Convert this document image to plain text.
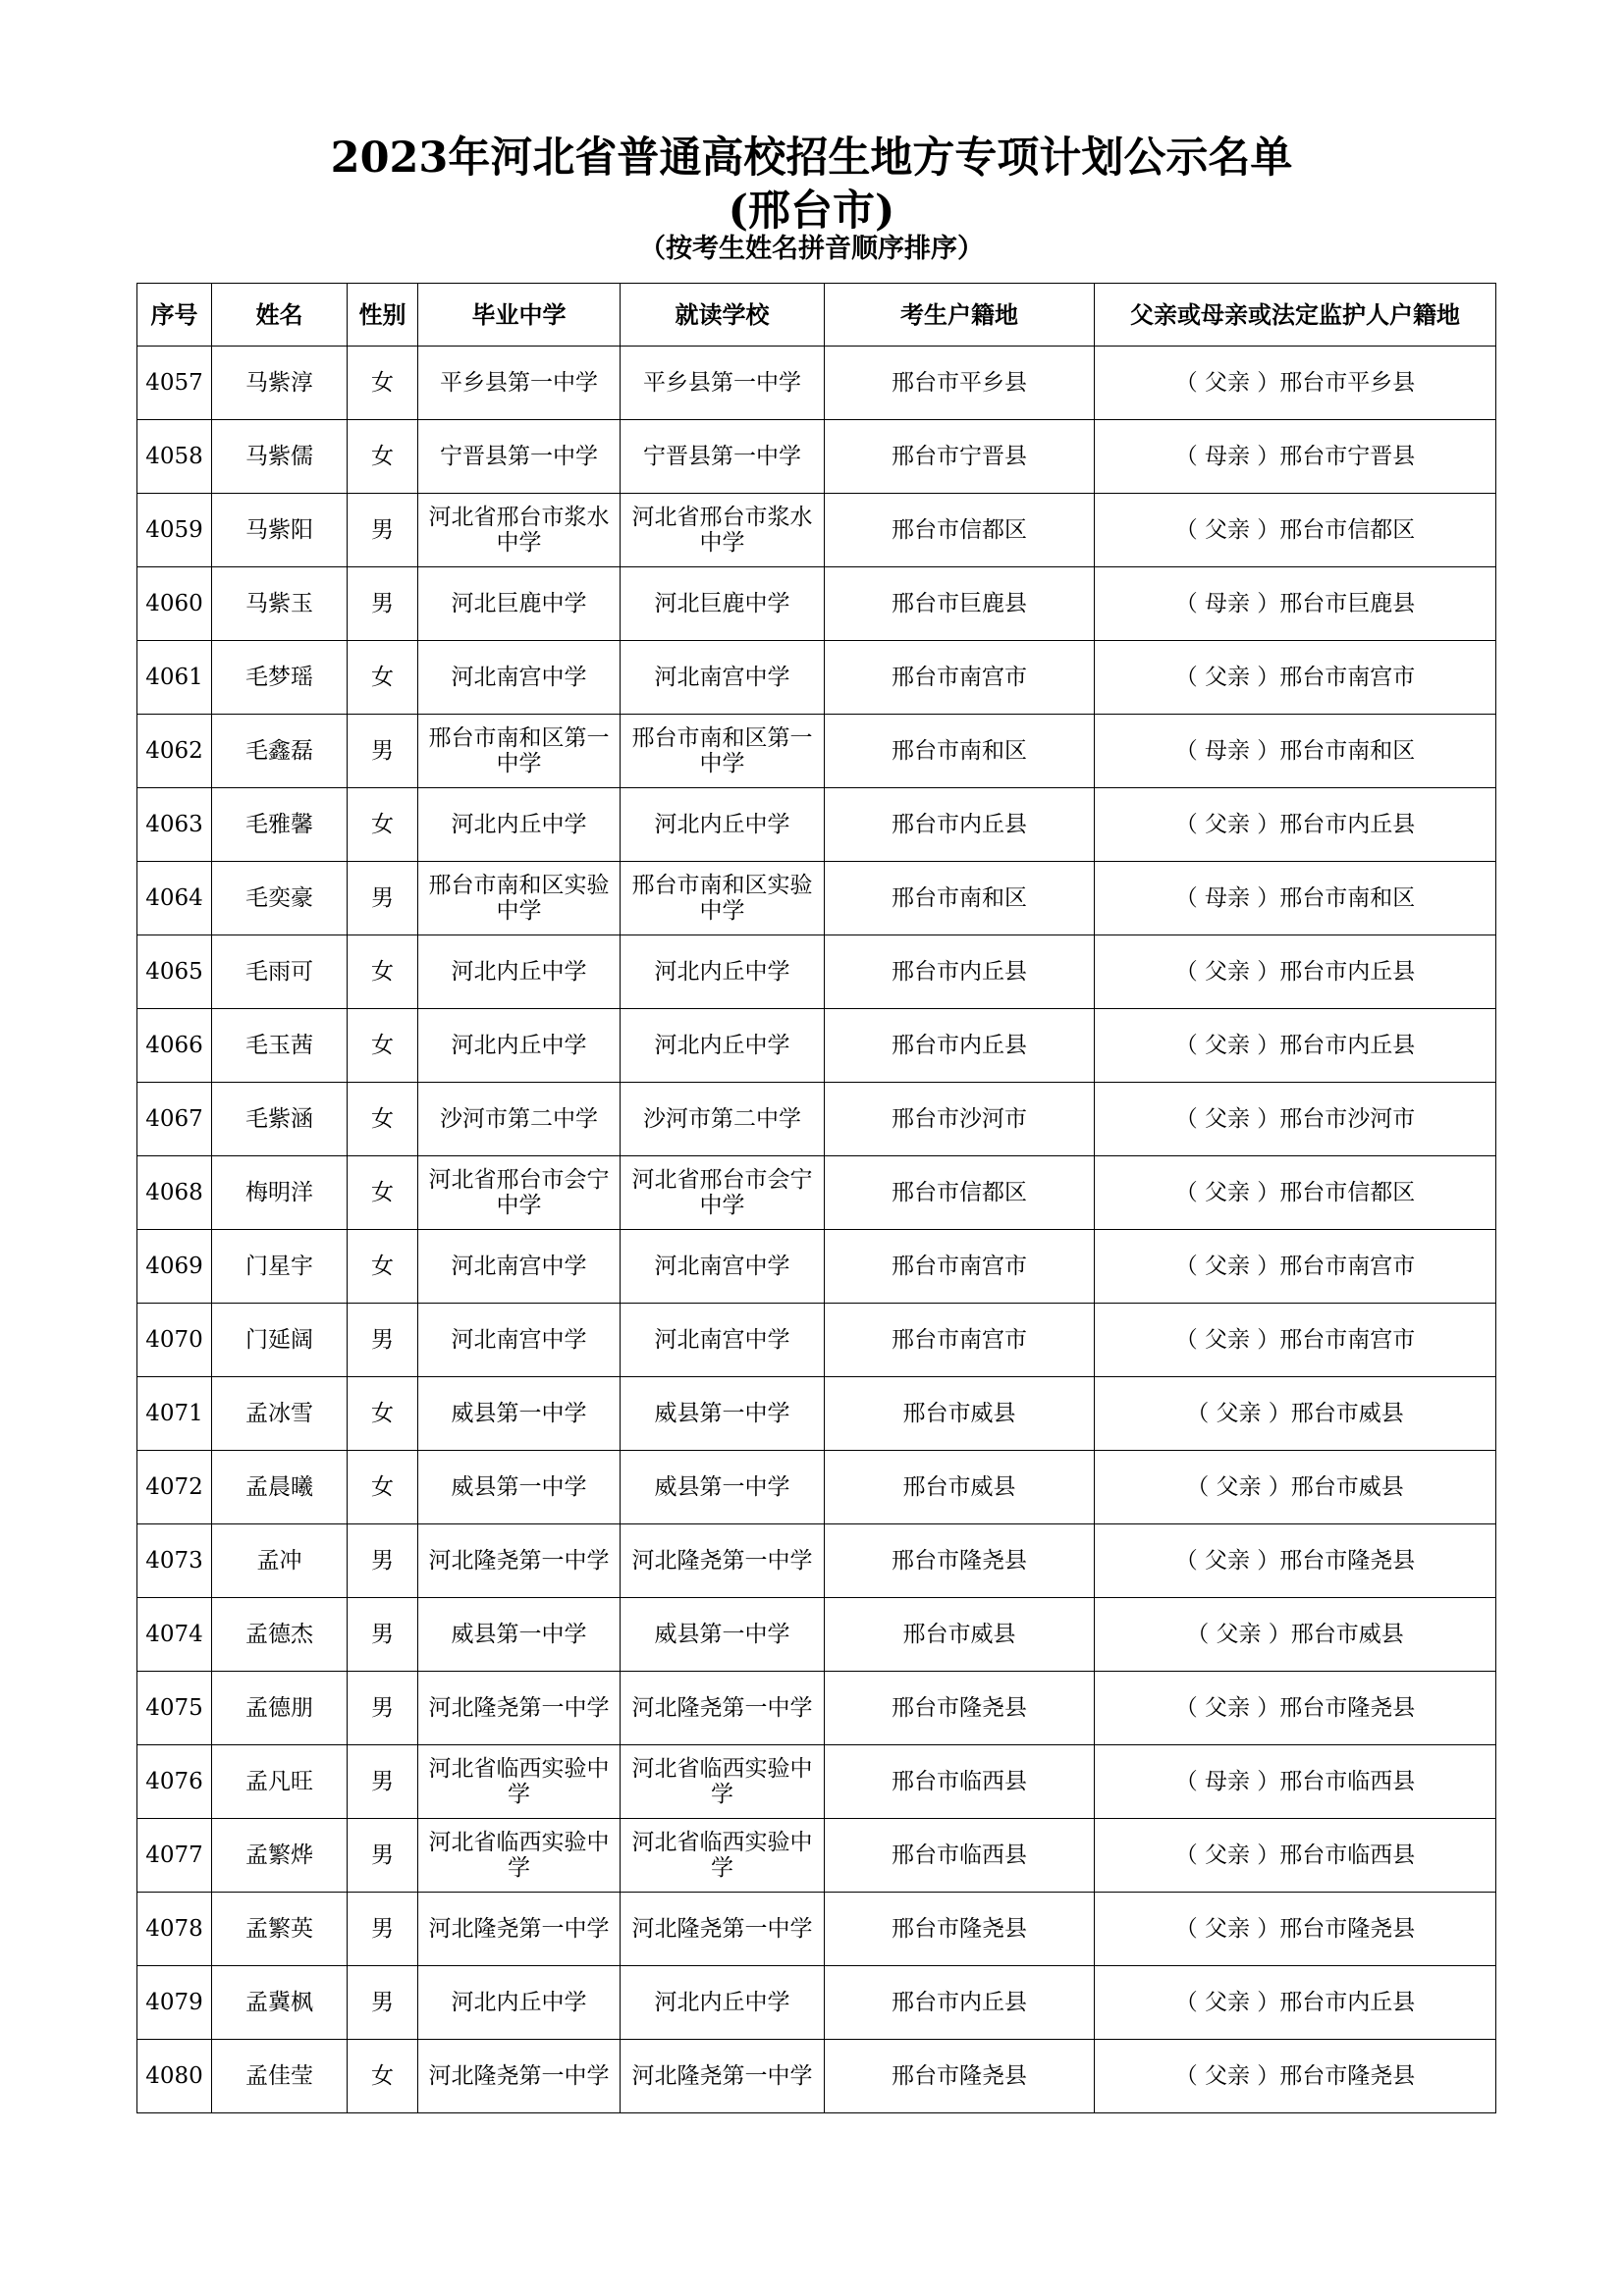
2023年河北省普通高校招生地方专项计划公示名单
(邢台市)
（按考生姓名拼音顺序排序）
序号	姓名	性别	毕业中学	就读学校	考生户籍地	父亲或母亲或法定监护人户籍地
4057	马紫淳	女	平乡县第一中学	平乡县第一中学	邢台市平乡县	（ 父亲 ）邢台市平乡县
4058	马紫儒	女	宁晋县第一中学	宁晋县第一中学	邢台市宁晋县	（ 母亲 ）邢台市宁晋县
4059	马紫阳	男	河北省邢台市浆水中学	河北省邢台市浆水中学	邢台市信都区	（ 父亲 ）邢台市信都区
4060	马紫玉	男	河北巨鹿中学	河北巨鹿中学	邢台市巨鹿县	（ 母亲 ）邢台市巨鹿县
4061	毛梦瑶	女	河北南宫中学	河北南宫中学	邢台市南宫市	（ 父亲 ）邢台市南宫市
4062	毛鑫磊	男	邢台市南和区第一中学	邢台市南和区第一中学	邢台市南和区	（ 母亲 ）邢台市南和区
4063	毛雅馨	女	河北内丘中学	河北内丘中学	邢台市内丘县	（ 父亲 ）邢台市内丘县
4064	毛奕豪	男	邢台市南和区实验中学	邢台市南和区实验中学	邢台市南和区	（ 母亲 ）邢台市南和区
4065	毛雨可	女	河北内丘中学	河北内丘中学	邢台市内丘县	（ 父亲 ）邢台市内丘县
4066	毛玉茜	女	河北内丘中学	河北内丘中学	邢台市内丘县	（ 父亲 ）邢台市内丘县
4067	毛紫涵	女	沙河市第二中学	沙河市第二中学	邢台市沙河市	（ 父亲 ）邢台市沙河市
4068	梅明洋	女	河北省邢台市会宁中学	河北省邢台市会宁中学	邢台市信都区	（ 父亲 ）邢台市信都区
4069	门星宇	女	河北南宫中学	河北南宫中学	邢台市南宫市	（ 父亲 ）邢台市南宫市
4070	门延阔	男	河北南宫中学	河北南宫中学	邢台市南宫市	（ 父亲 ）邢台市南宫市
4071	孟冰雪	女	威县第一中学	威县第一中学	邢台市威县	（ 父亲 ）邢台市威县
4072	孟晨曦	女	威县第一中学	威县第一中学	邢台市威县	（ 父亲 ）邢台市威县
4073	孟冲	男	河北隆尧第一中学	河北隆尧第一中学	邢台市隆尧县	（ 父亲 ）邢台市隆尧县
4074	孟德杰	男	威县第一中学	威县第一中学	邢台市威县	（ 父亲 ）邢台市威县
4075	孟德朋	男	河北隆尧第一中学	河北隆尧第一中学	邢台市隆尧县	（ 父亲 ）邢台市隆尧县
4076	孟凡旺	男	河北省临西实验中学	河北省临西实验中学	邢台市临西县	（ 母亲 ）邢台市临西县
4077	孟繁烨	男	河北省临西实验中学	河北省临西实验中学	邢台市临西县	（ 父亲 ）邢台市临西县
4078	孟繁英	男	河北隆尧第一中学	河北隆尧第一中学	邢台市隆尧县	（ 父亲 ）邢台市隆尧县
4079	孟冀枫	男	河北内丘中学	河北内丘中学	邢台市内丘县	（ 父亲 ）邢台市内丘县
4080	孟佳莹	女	河北隆尧第一中学	河北隆尧第一中学	邢台市隆尧县	（ 父亲 ）邢台市隆尧县
